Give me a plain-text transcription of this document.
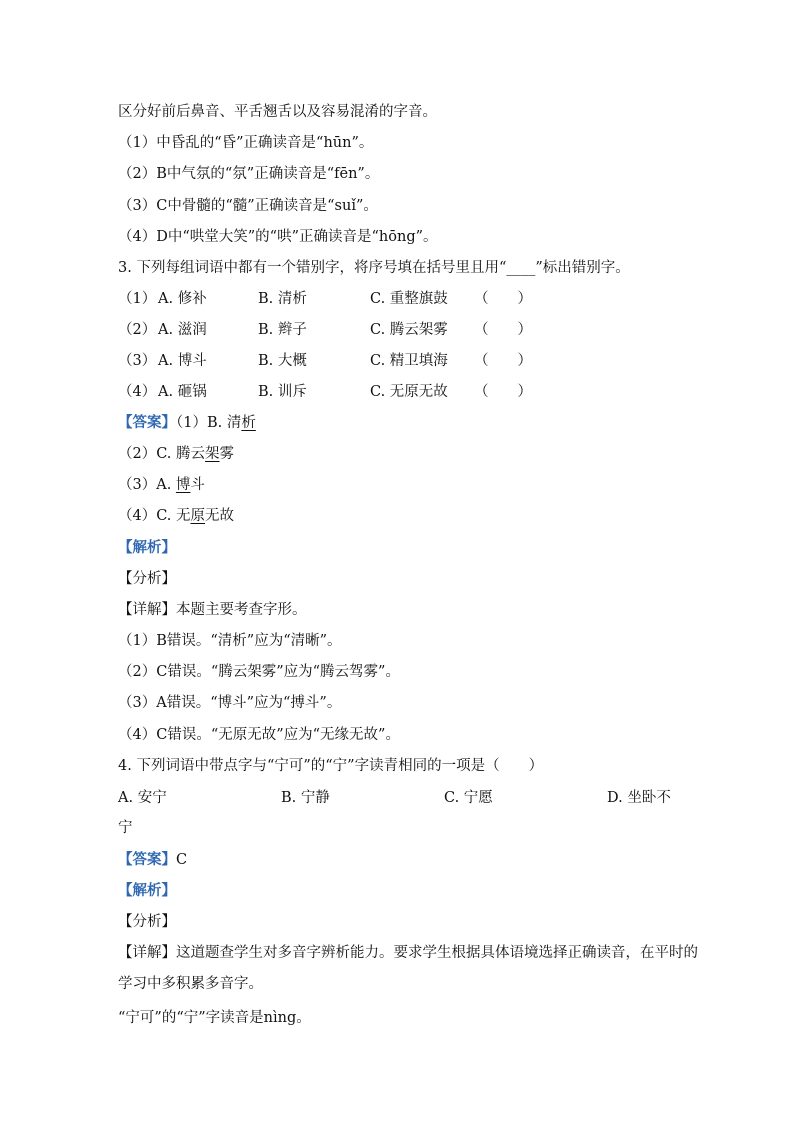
区分好前后鼻音、平舌翘舌以及容易混淆的字音。
（1）中昏乱的“昏”正确读音是“hūn”。
（2）B中气氛的“氛”正确读音是“fēn”。
（3）C中骨髓的“髓”正确读音是“suǐ”。
（4）D中“哄堂大笑”的“哄”正确读音是“hōng”。
3. 下列每组词语中都有一个错别字，将序号填在括号里且用“____”标出错别字。
（1） A. 修补	B. 清析	C. 重整旗鼓 （　　）
（2） A. 滋润	B. 辫子	C. 腾云架雾 （　　）
（3） A. 博斗	B. 大概	C. 精卫填海 （　　）
（4） A. 砸锅	B. 训斥	C. 无原无故 （　　）
【答案】（1）B. 清析
（2）C. 腾云架雾
（3）A. 博斗
（4）C. 无原无故
【解析】
【分析】
【详解】本题主要考查字形。
（1）B错误。“清析”应为“清晰”。
（2）C错误。“腾云架雾”应为“腾云驾雾”。
（3）A错误。“博斗”应为“搏斗”。
（4）C错误。“无原无故”应为“无缘无故”。
4. 下列词语中带点字与“宁可”的“宁”字读青相同的一项是（　　）
A. 安宁	B. 宁静	C. 宁愿	D. 坐卧不
宁
【答案】C
【解析】
【分析】
【详解】这道题查学生对多音字辨析能力。要求学生根据具体语境选择正确读音，在平时的
学习中多积累多音字。
“宁可”的“宁”字读音是nìng。
